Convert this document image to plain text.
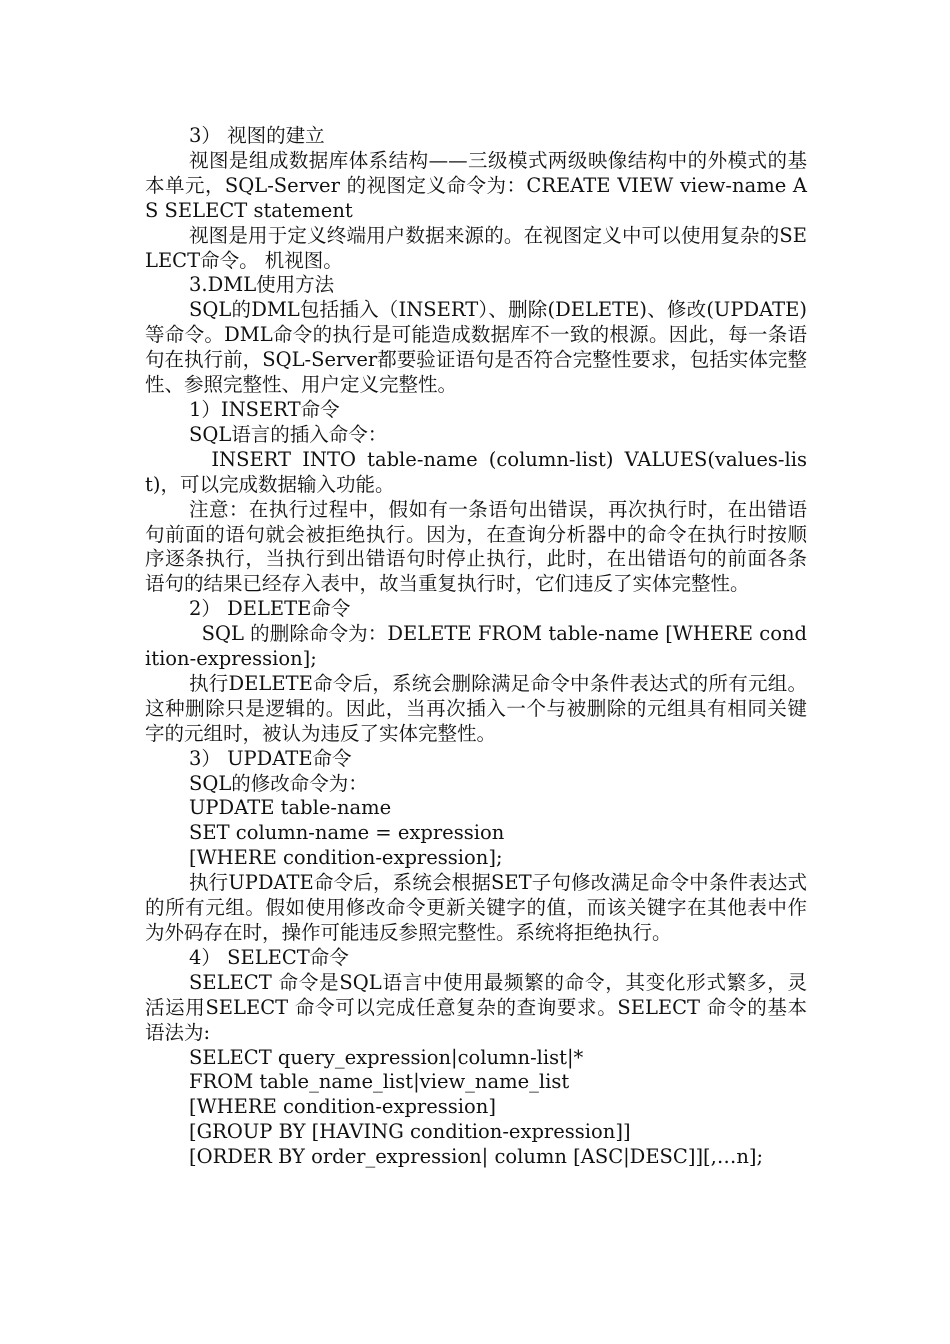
3） 视图的建立

视图是组成数据库体系结构——三级模式两级映像结构中的外模式的基本单元，SQL-Server 的视图定义命令为：CREATE VIEW view-name AS SELECT statement

视图是用于定义终端用户数据来源的。在视图定义中可以使用复杂的SELECT命令。 机视图。

3.DML使用方法

SQL的DML包括插入（INSERT）、删除(DELETE)、修改(UPDATE)等命令。DML命令的执行是可能造成数据库不一致的根源。因此，每一条语句在执行前，SQL-Server都要验证语句是否符合完整性要求，包括实体完整性、参照完整性、用户定义完整性。

1）INSERT命令

SQL语言的插入命令：

INSERT INTO table-name (column-list) VALUES(values-list)，可以完成数据输入功能。

注意：在执行过程中，假如有一条语句出错误，再次执行时，在出错语句前面的语句就会被拒绝执行。因为，在查询分析器中的命令在执行时按顺序逐条执行，当执行到出错语句时停止执行，此时，在出错语句的前面各条语句的结果已经存入表中，故当重复执行时，它们违反了实体完整性。

2） DELETE命令

SQL 的删除命令为：DELETE FROM table-name [WHERE condition-expression];

执行DELETE命令后，系统会删除满足命令中条件表达式的所有元组。这种删除只是逻辑的。因此，当再次插入一个与被删除的元组具有相同关键字的元组时，被认为违反了实体完整性。

3） UPDATE命令

SQL的修改命令为：

UPDATE table-name

SET column-name = expression

[WHERE condition-expression];

执行UPDATE命令后，系统会根据SET子句修改满足命令中条件表达式的所有元组。假如使用修改命令更新关键字的值，而该关键字在其他表中作为外码存在时，操作可能违反参照完整性。系统将拒绝执行。

4） SELECT命令

SELECT 命令是SQL语言中使用最频繁的命令，其变化形式繁多，灵活运用SELECT 命令可以完成任意复杂的查询要求。SELECT 命令的基本语法为:

SELECT query_expression|column-list|*

FROM table_name_list|view_name_list

[WHERE condition-expression]

[GROUP BY [HAVING condition-expression]]

[ORDER BY order_expression| column [ASC|DESC]][,…n];
